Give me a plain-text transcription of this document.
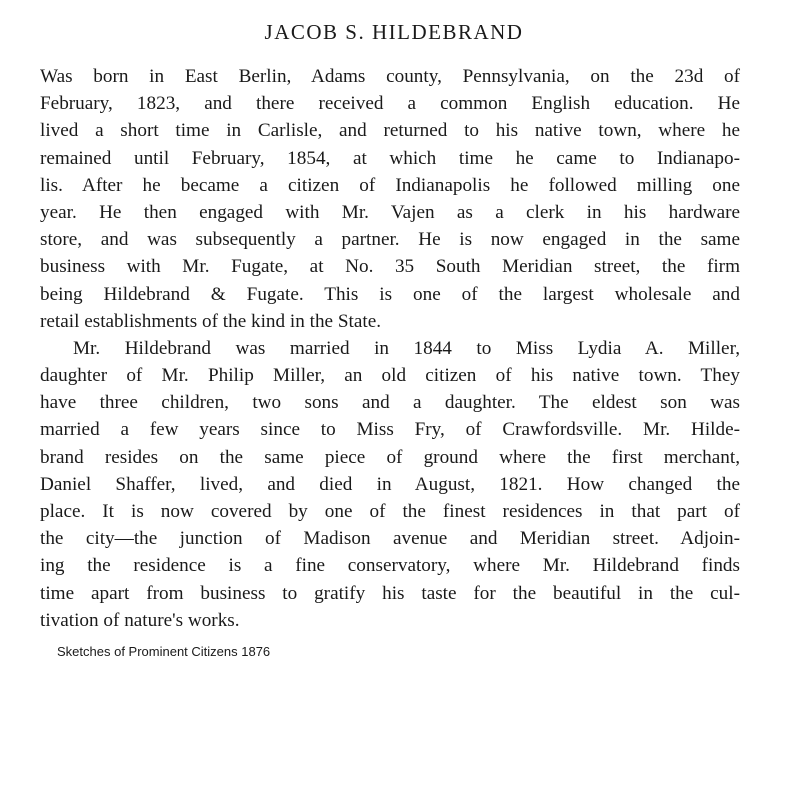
JACOB S. HILDEBRAND
Was born in East Berlin, Adams county, Pennsylvania, on the 23d of
February, 1823, and there received a common English education. He
lived a short time in Carlisle, and returned to his native town, where he
remained until February, 1854, at which time he came to Indianapo-
lis. After he became a citizen of Indianapolis he followed milling one
year. He then engaged with Mr. Vajen as a clerk in his hardware
store, and was subsequently a partner. He is now engaged in the same
business with Mr. Fugate, at No. 35 South Meridian street, the firm
being Hildebrand & Fugate. This is one of the largest wholesale and
retail establishments of the kind in the State.
Mr. Hildebrand was married in 1844 to Miss Lydia A. Miller,
daughter of Mr. Philip Miller, an old citizen of his native town. They
have three children, two sons and a daughter. The eldest son was
married a few years since to Miss Fry, of Crawfordsville. Mr. Hilde-
brand resides on the same piece of ground where the first merchant,
Daniel Shaffer, lived, and died in August, 1821. How changed the
place. It is now covered by one of the finest residences in that part of
the city—the junction of Madison avenue and Meridian street. Adjoin-
ing the residence is a fine conservatory, where Mr. Hildebrand finds
time apart from business to gratify his taste for the beautiful in the cul-
tivation of nature's works.
Sketches of Prominent Citizens 1876
